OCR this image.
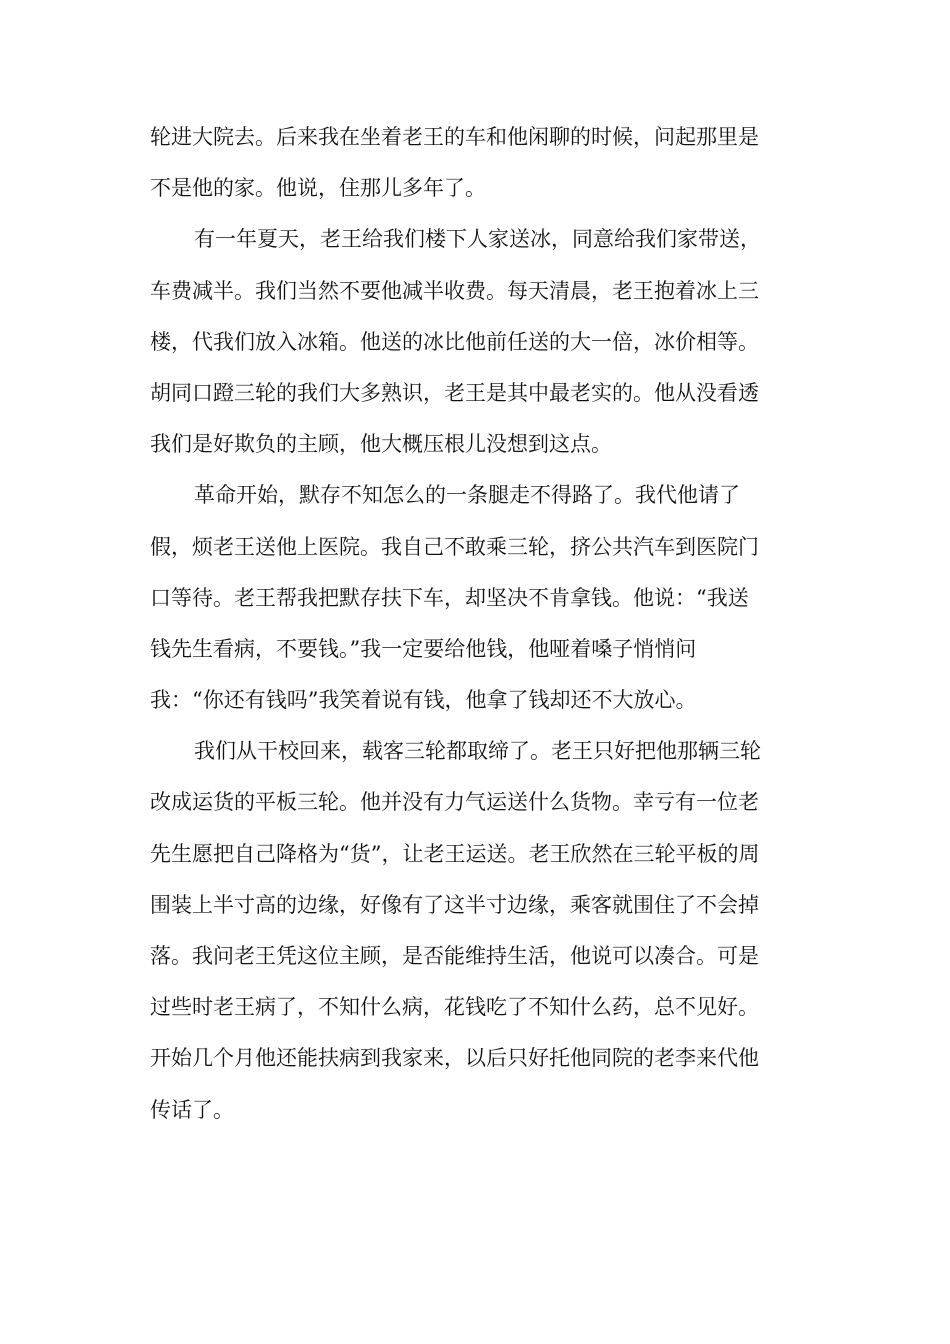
轮进大院去。后来我在坐着老王的车和他闲聊的时候，问起那里是
不是他的家。他说，住那儿多年了。
有一年夏天，老王给我们楼下人家送冰，同意给我们家带送，
车费减半。我们当然不要他减半收费。每天清晨，老王抱着冰上三
楼，代我们放入冰箱。他送的冰比他前任送的大一倍，冰价相等。
胡同口蹬三轮的我们大多熟识，老王是其中最老实的。他从没看透
我们是好欺负的主顾，他大概压根儿没想到这点。
革命开始，默存不知怎么的一条腿走不得路了。我代他请了
假，烦老王送他上医院。我自己不敢乘三轮，挤公共汽车到医院门
口等待。老王帮我把默存扶下车，却坚决不肯拿钱。他说：“我送
钱先生看病，不要钱。”我一定要给他钱，他哑着嗓子悄悄问
我：“你还有钱吗”我笑着说有钱，他拿了钱却还不大放心。
我们从干校回来，载客三轮都取缔了。老王只好把他那辆三轮
改成运货的平板三轮。他并没有力气运送什么货物。幸亏有一位老
先生愿把自己降格为“货”，让老王运送。老王欣然在三轮平板的周
围装上半寸高的边缘，好像有了这半寸边缘，乘客就围住了不会掉
落。我问老王凭这位主顾，是否能维持生活，他说可以凑合。可是
过些时老王病了，不知什么病，花钱吃了不知什么药，总不见好。
开始几个月他还能扶病到我家来，以后只好托他同院的老李来代他
传话了。
